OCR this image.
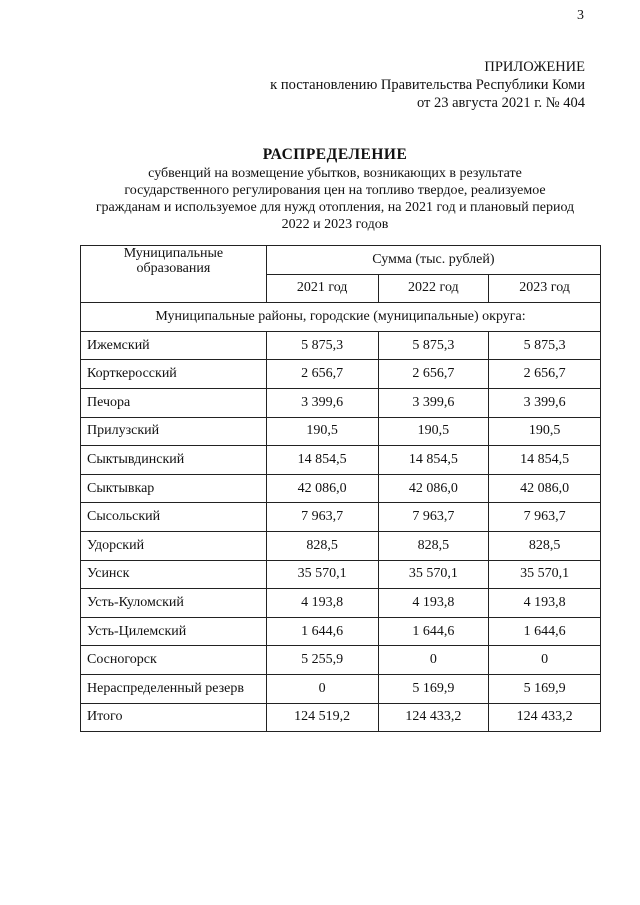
3
ПРИЛОЖЕНИЕ
к постановлению Правительства Республики Коми
от 23 августа 2021 г. № 404
РАСПРЕДЕЛЕНИЕ
субвенций на возмещение убытков, возникающих в результате государственного регулирования цен на топливо твердое, реализуемое гражданам и используемое для нужд отопления, на 2021 год и плановый период 2022 и 2023 годов
Муниципальные образования	Сумма (тыс. рублей)		
	2021 год	2022 год	2023 год
Муниципальные районы, городские (муниципальные) округа:			
Ижемский	5 875,3	5 875,3	5 875,3
Корткеросский	2 656,7	2 656,7	2 656,7
Печора	3 399,6	3 399,6	3 399,6
Прилузский	190,5	190,5	190,5
Сыктывдинский	14 854,5	14 854,5	14 854,5
Сыктывкар	42 086,0	42 086,0	42 086,0
Сысольский	7 963,7	7 963,7	7 963,7
Удорский	828,5	828,5	828,5
Усинск	35 570,1	35 570,1	35 570,1
Усть-Куломский	4 193,8	4 193,8	4 193,8
Усть-Цилемский	1 644,6	1 644,6	1 644,6
Сосногорск	5 255,9	0	0
Нераспределенный резерв	0	5 169,9	5 169,9
Итого	124 519,2	124 433,2	124 433,2
